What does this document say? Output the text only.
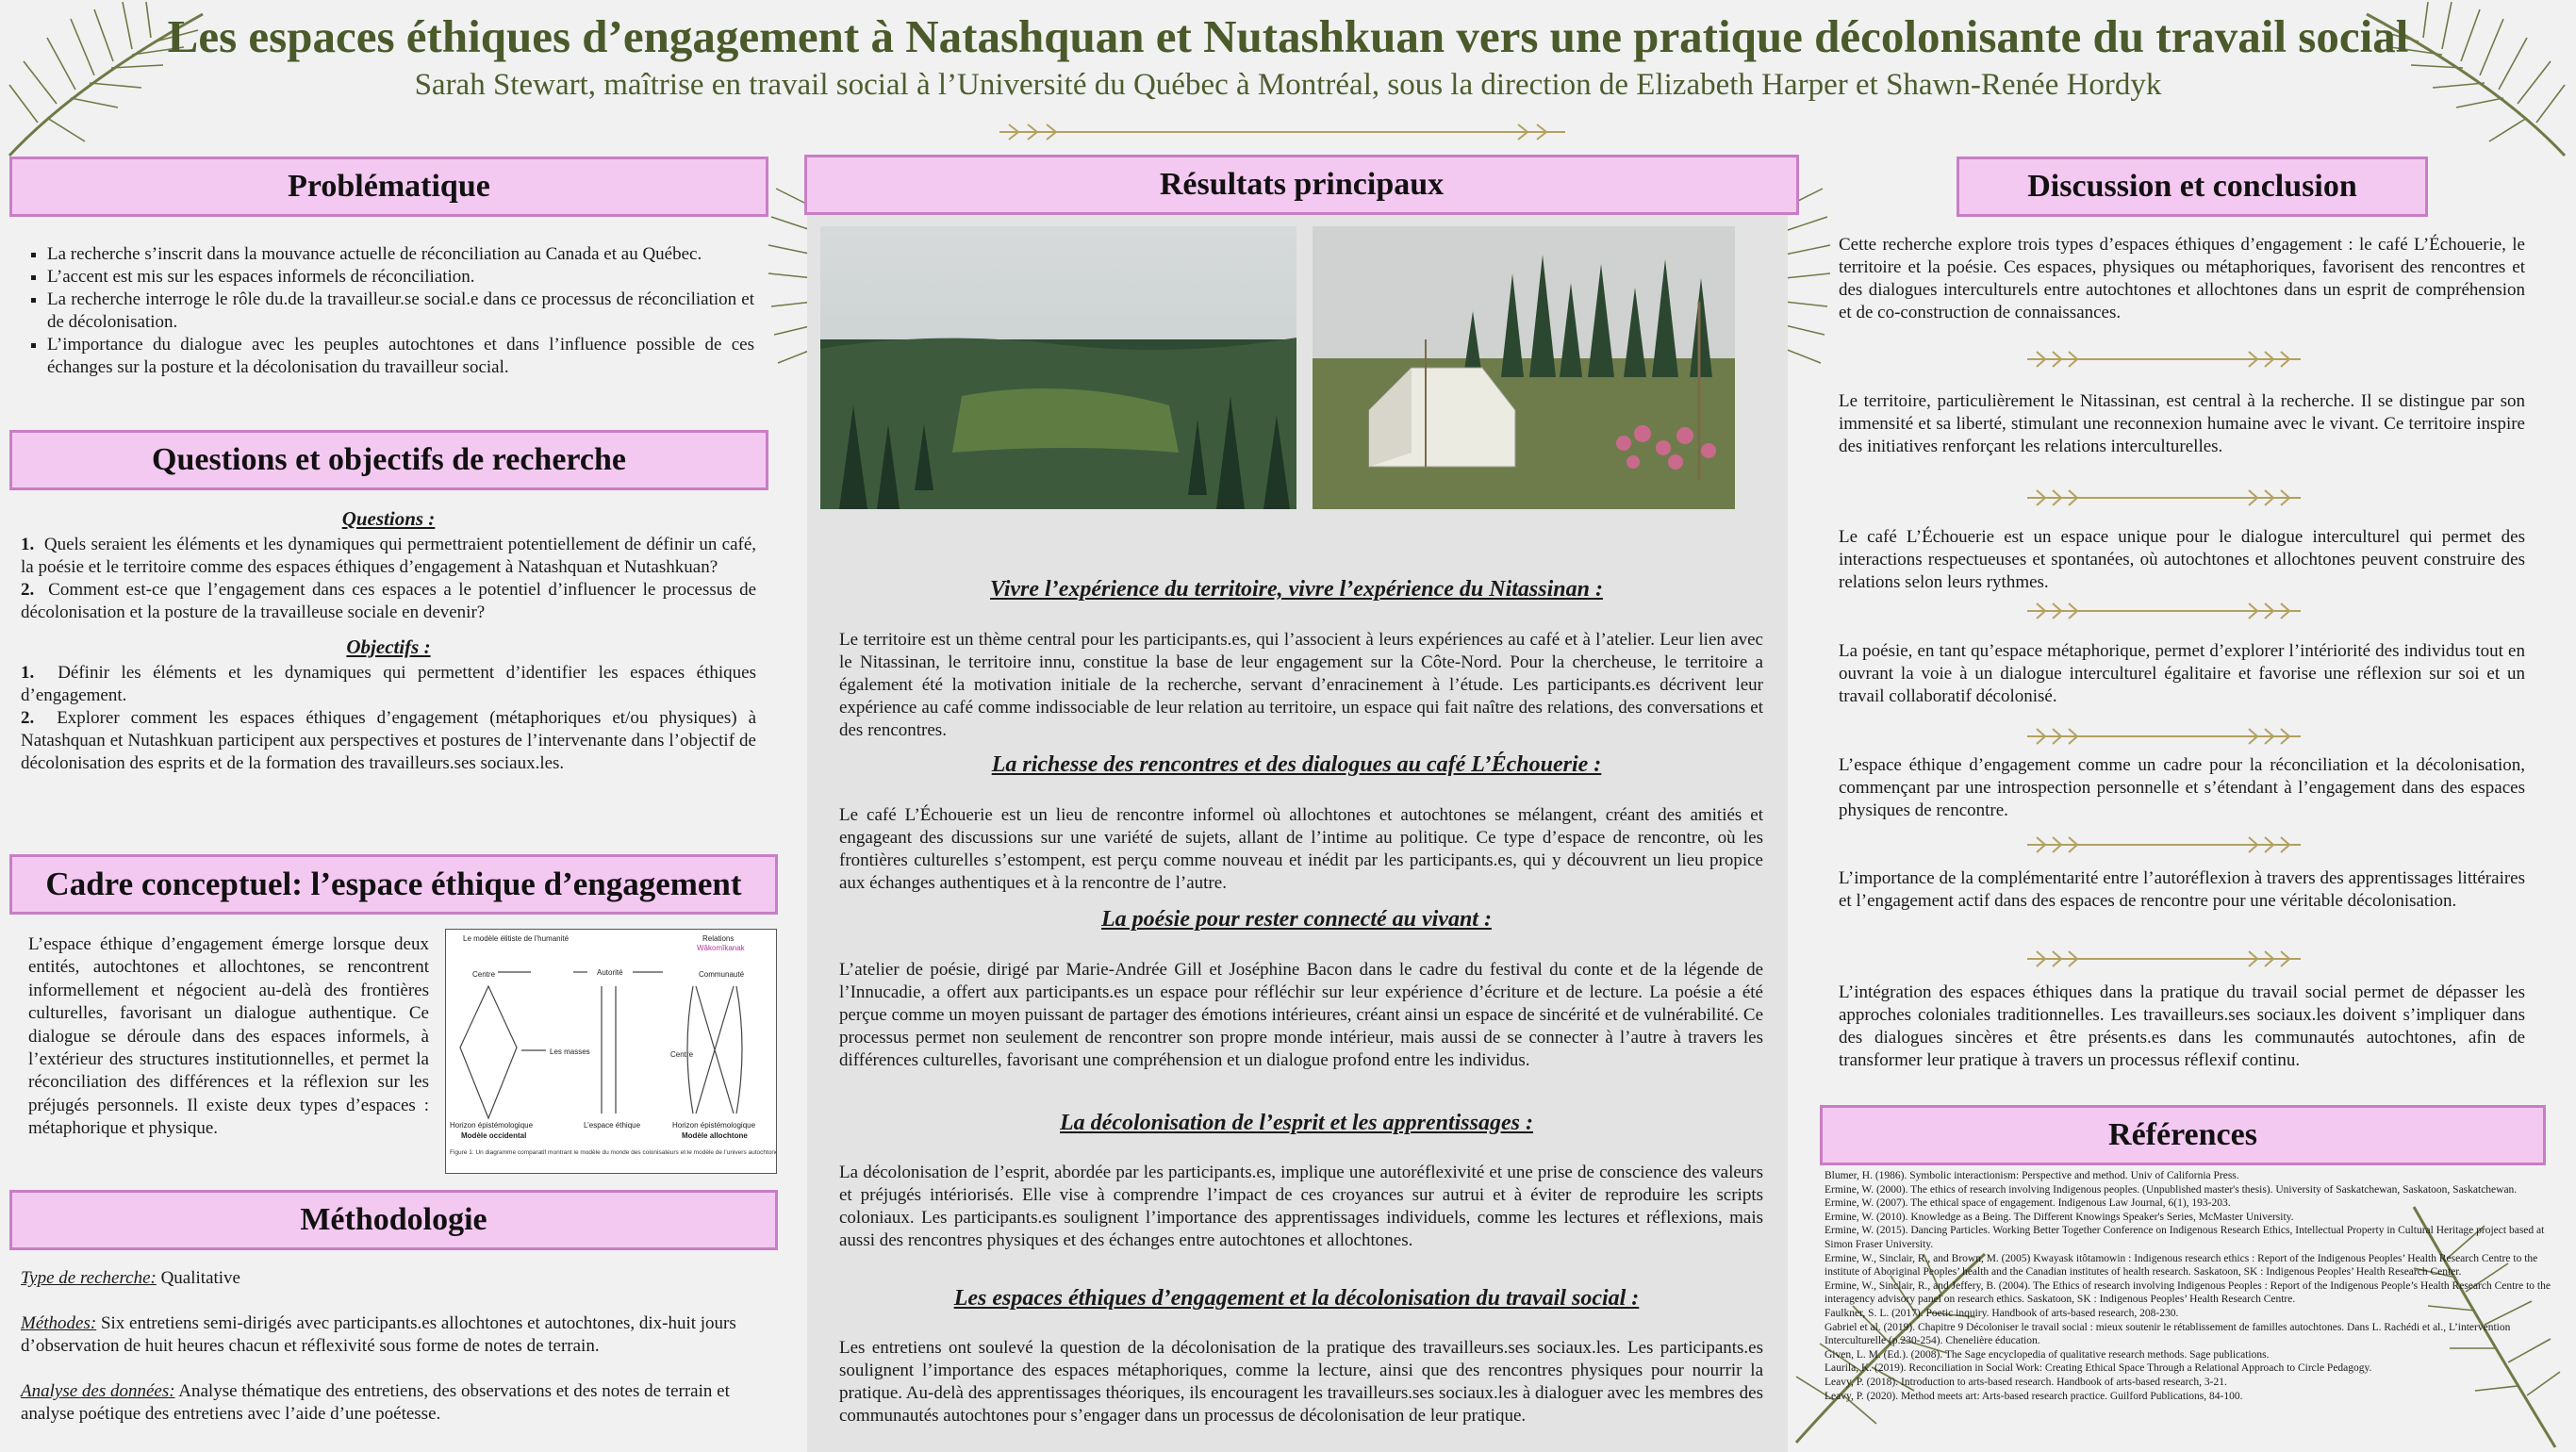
Les espaces éthiques d’engagement à Natashquan et Nutashkuan vers une pratique décolonisante du travail social
Sarah Stewart, maîtrise en travail social à l’Université du Québec à Montréal, sous la direction de Elizabeth Harper et Shawn-Renée Hordyk
Problématique
▪ La recherche s’inscrit dans la mouvance actuelle de réconciliation au Canada et au Québec.
▪ L’accent est mis sur les espaces informels de réconciliation.
▪ La recherche interroge le rôle du.de la travailleur.se social.e dans ce processus de réconciliation et de décolonisation.
▪ L’importance du dialogue avec les peuples autochtones et dans l’influence possible de ces échanges sur la posture et la décolonisation du travailleur social.
Questions et objectifs de recherche
Questions :

1. Quels seraient les éléments et les dynamiques qui permettraient potentiellement de définir un café, la poésie et le territoire comme des espaces éthiques d’engagement à Natashquan et Nutashkuan?

2. Comment est-ce que l’engagement dans ces espaces a le potentiel d’influencer le processus de décolonisation et la posture de la travailleuse sociale en devenir?

Objectifs :

1. Définir les éléments et les dynamiques qui permettent d’identifier les espaces éthiques d’engagement.

2. Explorer comment les espaces éthiques d’engagement (métaphoriques et/ou physiques) à Natashquan et Nutashkuan participent aux perspectives et postures de l’intervenante dans l’objectif de décolonisation des esprits et de la formation des travailleurs.ses sociaux.les.

Cadre conceptuel: l’espace éthique d’engagement
L’espace éthique d’engagement émerge lorsque deux entités, autochtones et allochtones, se rencontrent informellement et négocient au-delà des frontières culturelles, favorisant un dialogue authentique. Ce dialogue se déroule dans des espaces informels, à l’extérieur des structures institutionnelles, et permet la réconciliation des différences et la réflexion sur les préjugés personnels. Il existe deux types d’espaces : métaphorique et physique.
Le modèle élitiste de l’humanité	Relations
Wâkomîkanak
Centre	Autorité	Communauté
Les masses	Centre
Horizon épistémologique
Modèle occidental
L’espace éthique	Horizon épistémologique
Modèle allochtone
Figure 1: Un diagramme comparatif montrant le modèle du monde des colonisateurs et le modèle de l’univers autochtone.
Méthodologie

Type de recherche: Qualitative

Méthodes: Six entretiens semi-dirigés avec participants.es allochtones et autochtones, dix-huit jours d’observation de huit heures chacun et réflexivité sous forme de notes de terrain.

Analyse des données: Analyse thématique des entretiens, des observations et des notes de terrain et analyse poétique des entretiens avec l’aide d’une poétesse.

Résultats principaux
Vivre l’expérience du territoire, vivre l’expérience du Nitassinan :
Le territoire est un thème central pour les participants.es, qui l’associent à leurs expériences au café et à l’atelier. Leur lien avec le Nitassinan, le territoire innu, constitue la base de leur engagement sur la Côte-Nord. Pour la chercheuse, le territoire a également été la motivation initiale de la recherche, servant d’enracinement à l’étude. Les participants.es décrivent leur expérience au café comme indissociable de leur relation au territoire, un espace qui fait naître des relations, des conversations et des rencontres.
La richesse des rencontres et des dialogues au café L’Échouerie :
Le café L’Échouerie est un lieu de rencontre informel où allochtones et autochtones se mélangent, créant des amitiés et engageant des discussions sur une variété de sujets, allant de l’intime au politique. Ce type d’espace de rencontre, où les frontières culturelles s’estompent, est perçu comme nouveau et inédit par les participants.es, qui y découvrent un lieu propice aux échanges authentiques et à la rencontre de l’autre.
La poésie pour rester connecté au vivant :
L’atelier de poésie, dirigé par Marie-Andrée Gill et Joséphine Bacon dans le cadre du festival du conte et de la légende de l’Innucadie, a offert aux participants.es un espace pour réfléchir sur leur expérience d’écriture et de lecture. La poésie a été perçue comme un moyen puissant de partager des émotions intérieures, créant ainsi un espace de sincérité et de vulnérabilité. Ce processus permet non seulement de rencontrer son propre monde intérieur, mais aussi de se connecter à l’autre à travers les différences culturelles, favorisant une compréhension et un dialogue profond entre les individus.
La décolonisation de l’esprit et les apprentissages :
La décolonisation de l’esprit, abordée par les participants.es, implique une autoréflexivité et une prise de conscience des valeurs et préjugés intériorisés. Elle vise à comprendre l’impact de ces croyances sur autrui et à éviter de reproduire les scripts coloniaux. Les participants.es soulignent l’importance des apprentissages individuels, comme les lectures et réflexions, mais aussi des rencontres physiques et des échanges entre autochtones et allochtones.
Les espaces éthiques d’engagement et la décolonisation du travail social :
Les entretiens ont soulevé la question de la décolonisation de la pratique des travailleurs.ses sociaux.les. Les participants.es soulignent l’importance des espaces métaphoriques, comme la lecture, ainsi que des rencontres physiques pour nourrir la pratique. Au-delà des apprentissages théoriques, ils encouragent les travailleurs.ses sociaux.les à dialoguer avec les membres des communautés autochtones pour s’engager dans un processus de décolonisation de leur pratique.
Discussion et conclusion
Cette recherche explore trois types d’espaces éthiques d’engagement : le café L’Échouerie, le territoire et la poésie. Ces espaces, physiques ou métaphoriques, favorisent des rencontres et des dialogues interculturels entre autochtones et allochtones dans un esprit de compréhension et de co-construction de connaissances.
Le territoire, particulièrement le Nitassinan, est central à la recherche. Il se distingue par son immensité et sa liberté, stimulant une reconnexion humaine avec le vivant. Ce territoire inspire des initiatives renforçant les relations interculturelles.
Le café L’Échouerie est un espace unique pour le dialogue interculturel qui permet des interactions respectueuses et spontanées, où autochtones et allochtones peuvent construire des relations selon leurs rythmes.
La poésie, en tant qu’espace métaphorique, permet d’explorer l’intériorité des individus tout en ouvrant la voie à un dialogue interculturel égalitaire et favorise une réflexion sur soi et un travail collaboratif décolonisé.
L’espace éthique d’engagement comme un cadre pour la réconciliation et la décolonisation, commençant par une introspection personnelle et s’étendant à l’engagement dans des espaces physiques de rencontre.
L’importance de la complémentarité entre l’autoréflexion à travers des apprentissages littéraires et l’engagement actif dans des espaces de rencontre pour une véritable décolonisation.
L’intégration des espaces éthiques dans la pratique du travail social permet de dépasser les approches coloniales traditionnelles. Les travailleurs.ses sociaux.les doivent s’impliquer dans des dialogues sincères et être présents.es dans les communautés autochtones, afin de transformer leur pratique à travers un processus réflexif continu.
Références

Blumer, H. (1986). Symbolic interactionism: Perspective and method. Univ of California Press.

Ermine, W. (2000). The ethics of research involving Indigenous peoples. (Unpublished master's thesis). University of Saskatchewan, Saskatoon, Saskatchewan.

Ermine, W. (2007). The ethical space of engagement. Indigenous Law Journal, 6(1), 193-203.

Ermine, W. (2010). Knowledge as a Being. The Different Knowings Speaker's Series, McMaster University.

Ermine, W. (2015). Dancing Particles. Working Better Together Conference on Indigenous Research Ethics, Intellectual Property in Cultural Heritage project based at Simon Fraser University.

Ermine, W., Sinclair, R., and Brown, M. (2005) Kwayask itôtamowin : Indigenous research ethics : Report of the Indigenous Peoples’ Health Research Centre to the institute of Aboriginal Peoples’ health and the Canadian institutes of health research. Saskatoon, SK : Indigenous Peoples’ Health Research Center.

Ermine, W., Sinclair, R., and Jeffery, B. (2004). The Ethics of research involving Indigenous Peoples : Report of the Indigenous People’s Health Research Centre to the interagency advisory panel on research ethics. Saskatoon, SK : Indigenous Peoples’ Health Research Centre.

Faulkner, S. L. (2017). Poetic inquiry. Handbook of arts-based research, 208-230.

Gabriel et al. (2019). Chapitre 9 Décoloniser le travail social : mieux soutenir le rétablissement de familles autochtones. Dans L. Rachédi et al., L’intervention Interculturelle (p.230-254). Chenelière éducation.

Given, L. M. (Ed.). (2008). The Sage encyclopedia of qualitative research methods. Sage publications.

Laurila, K. (2019). Reconciliation in Social Work: Creating Ethical Space Through a Relational Approach to Circle Pedagogy.

Leavy, P. (2018). Introduction to arts-based research. Handbook of arts-based research, 3-21.

Leavy, P. (2020). Method meets art: Arts-based research practice. Guilford Publications, 84-100.
